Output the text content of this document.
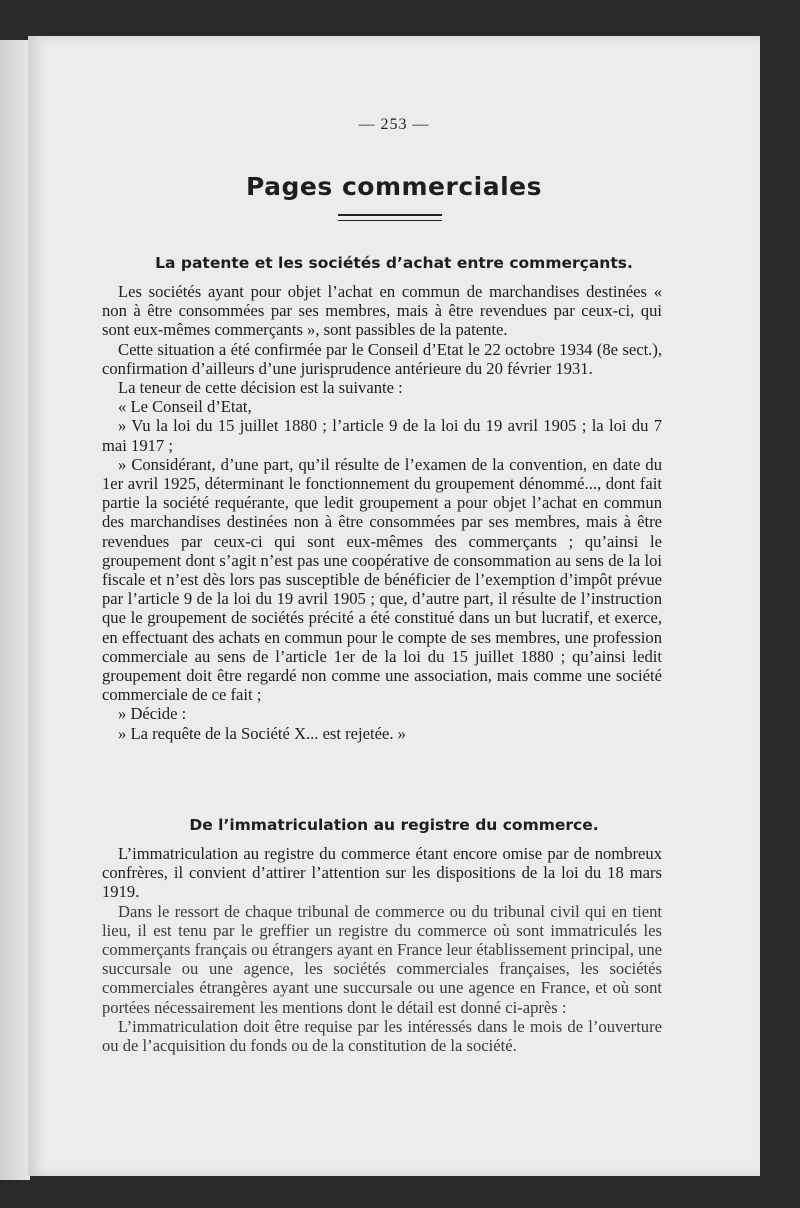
— 253 —
Pages commerciales
La patente et les sociétés d’achat entre commerçants.

Les sociétés ayant pour objet l’achat en commun de marchandises destinées « non à être consommées par ses membres, mais à être revendues par ceux-ci, qui sont eux-mêmes commerçants », sont passibles de la patente.

Cette situation a été confirmée par le Conseil d’Etat le 22 octobre 1934 (8e sect.), confirmation d’ailleurs d’une jurisprudence antérieure du 20 février 1931.

La teneur de cette décision est la suivante :

« Le Conseil d’Etat,

» Vu la loi du 15 juillet 1880 ; l’article 9 de la loi du 19 avril 1905 ; la loi du 7 mai 1917 ;

» Considérant, d’une part, qu’il résulte de l’examen de la convention, en date du 1er avril 1925, déterminant le fonctionnement du groupement dénommé..., dont fait partie la société requérante, que ledit groupement a pour objet l’achat en commun des marchandises destinées non à être consommées par ses membres, mais à être revendues par ceux-ci qui sont eux-mêmes des commerçants ; qu’ainsi le groupement dont s’agit n’est pas une coopérative de consommation au sens de la loi fiscale et n’est dès lors pas susceptible de bénéficier de l’exemption d’impôt prévue par l’article 9 de la loi du 19 avril 1905 ; que, d’autre part, il résulte de l’instruction que le groupement de sociétés précité a été constitué dans un but lucratif, et exerce, en effectuant des achats en commun pour le compte de ses membres, une profession commerciale au sens de l’article 1er de la loi du 15 juillet 1880 ; qu’ainsi ledit groupement doit être regardé non comme une association, mais comme une société commerciale de ce fait ;

» Décide :

» La requête de la Société X... est rejetée. »

De l’immatriculation au registre du commerce.

L’immatriculation au registre du commerce étant encore omise par de nombreux confrères, il convient d’attirer l’attention sur les dispositions de la loi du 18 mars 1919.

Dans le ressort de chaque tribunal de commerce ou du tribunal civil qui en tient lieu, il est tenu par le greffier un registre du commerce où sont immatriculés les commerçants français ou étrangers ayant en France leur établissement principal, une succursale ou une agence, les sociétés commerciales françaises, les sociétés commerciales étrangères ayant une succursale ou une agence en France, et où sont portées nécessairement les mentions dont le détail est donné ci-après :

L’immatriculation doit être requise par les intéressés dans le mois de l’ouverture ou de l’acquisition du fonds ou de la constitution de la société.
